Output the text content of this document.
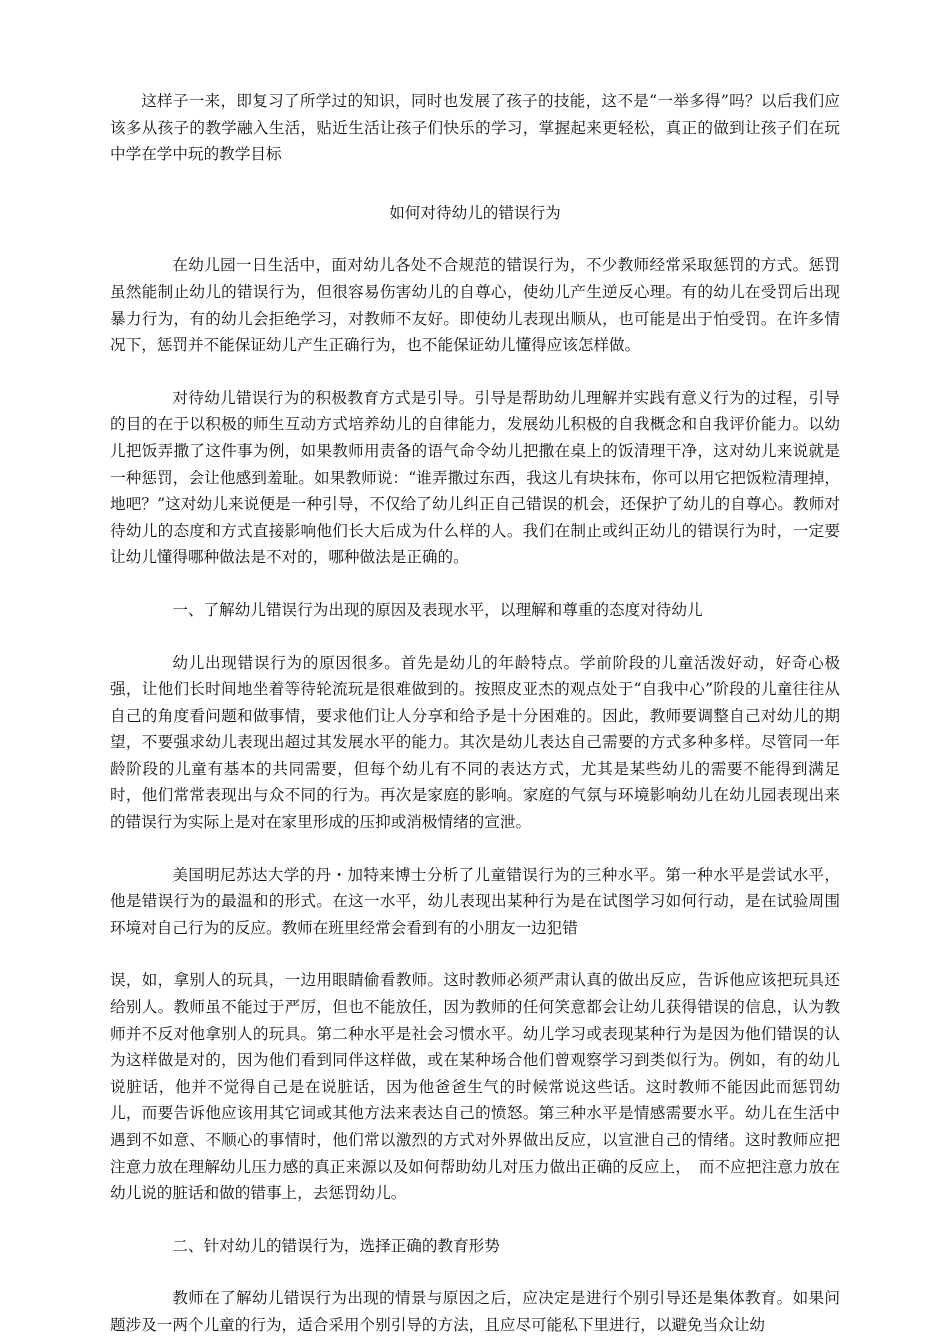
这样子一来，即复习了所学过的知识，同时也发展了孩子的技能，这不是“一举多得”吗？以后我们应该多从孩子的教学融入生活，贴近生活让孩子们快乐的学习，掌握起来更轻松，真正的做到让孩子们在玩中学在学中玩的教学目标

如何对待幼儿的错误行为

在幼儿园一日生活中，面对幼儿各处不合规范的错误行为，不少教师经常采取惩罚的方式。惩罚虽然能制止幼儿的错误行为，但很容易伤害幼儿的自尊心，使幼儿产生逆反心理。有的幼儿在受罚后出现暴力行为，有的幼儿会拒绝学习，对教师不友好。即使幼儿表现出顺从，也可能是出于怕受罚。在许多情况下，惩罚并不能保证幼儿产生正确行为，也不能保证幼儿懂得应该怎样做。

对待幼儿错误行为的积极教育方式是引导。引导是帮助幼儿理解并实践有意义行为的过程，引导的目的在于以积极的师生互动方式培养幼儿的自律能力，发展幼儿积极的自我概念和自我评价能力。以幼儿把饭弄撒了这件事为例，如果教师用责备的语气命令幼儿把撒在桌上的饭清理干净，这对幼儿来说就是一种惩罚，会让他感到羞耻。如果教师说：“谁弄撒过东西，我这儿有块抹布，你可以用它把饭粒清理掉，地吧？”这对幼儿来说便是一种引导，不仅给了幼儿纠正自己错误的机会，还保护了幼儿的自尊心。教师对待幼儿的态度和方式直接影响他们长大后成为什么样的人。我们在制止或纠正幼儿的错误行为时，一定要让幼儿懂得哪种做法是不对的，哪种做法是正确的。

一、了解幼儿错误行为出现的原因及表现水平，以理解和尊重的态度对待幼儿

幼儿出现错误行为的原因很多。首先是幼儿的年龄特点。学前阶段的儿童活泼好动，好奇心极强，让他们长时间地坐着等待轮流玩是很难做到的。按照皮亚杰的观点处于“自我中心”阶段的儿童往往从自己的角度看问题和做事情，要求他们让人分享和给予是十分困难的。因此，教师要调整自己对幼儿的期望，不要强求幼儿表现出超过其发展水平的能力。其次是幼儿表达自己需要的方式多种多样。尽管同一年龄阶段的儿童有基本的共同需要，但每个幼儿有不同的表达方式，尤其是某些幼儿的需要不能得到满足时，他们常常表现出与众不同的行为。再次是家庭的影响。家庭的气氛与环境影响幼儿在幼儿园表现出来的错误行为实际上是对在家里形成的压抑或消极情绪的宣泄。

美国明尼苏达大学的丹・加特来博士分析了儿童错误行为的三种水平。第一种水平是尝试水平，他是错误行为的最温和的形式。在这一水平，幼儿表现出某种行为是在试图学习如何行动，是在试验周围环境对自己行为的反应。教师在班里经常会看到有的小朋友一边犯错

误，如，拿别人的玩具，一边用眼睛偷看教师。这时教师必须严肃认真的做出反应，告诉他应该把玩具还给别人。教师虽不能过于严厉，但也不能放任，因为教师的任何笑意都会让幼儿获得错误的信息，认为教师并不反对他拿别人的玩具。第二种水平是社会习惯水平。幼儿学习或表现某种行为是因为他们错误的认为这样做是对的，因为他们看到同伴这样做，或在某种场合他们曾观察学习到类似行为。例如，有的幼儿说脏话，他并不觉得自己是在说脏话，因为他爸爸生气的时候常说这些话。这时教师不能因此而惩罚幼儿，而要告诉他应该用其它词或其他方法来表达自己的愤怒。第三种水平是情感需要水平。幼儿在生活中遇到不如意、不顺心的事情时，他们常以激烈的方式对外界做出反应，以宣泄自己的情绪。这时教师应把注意力放在理解幼儿压力感的真正来源以及如何帮助幼儿对压力做出正确的反应上，　而不应把注意力放在幼儿说的脏话和做的错事上，去惩罚幼儿。

二、针对幼儿的错误行为，选择正确的教育形势

教师在了解幼儿错误行为出现的情景与原因之后，应决定是进行个别引导还是集体教育。如果问题涉及一两个儿童的行为，适合采用个别引导的方法，且应尽可能私下里进行，以避免当众让幼
